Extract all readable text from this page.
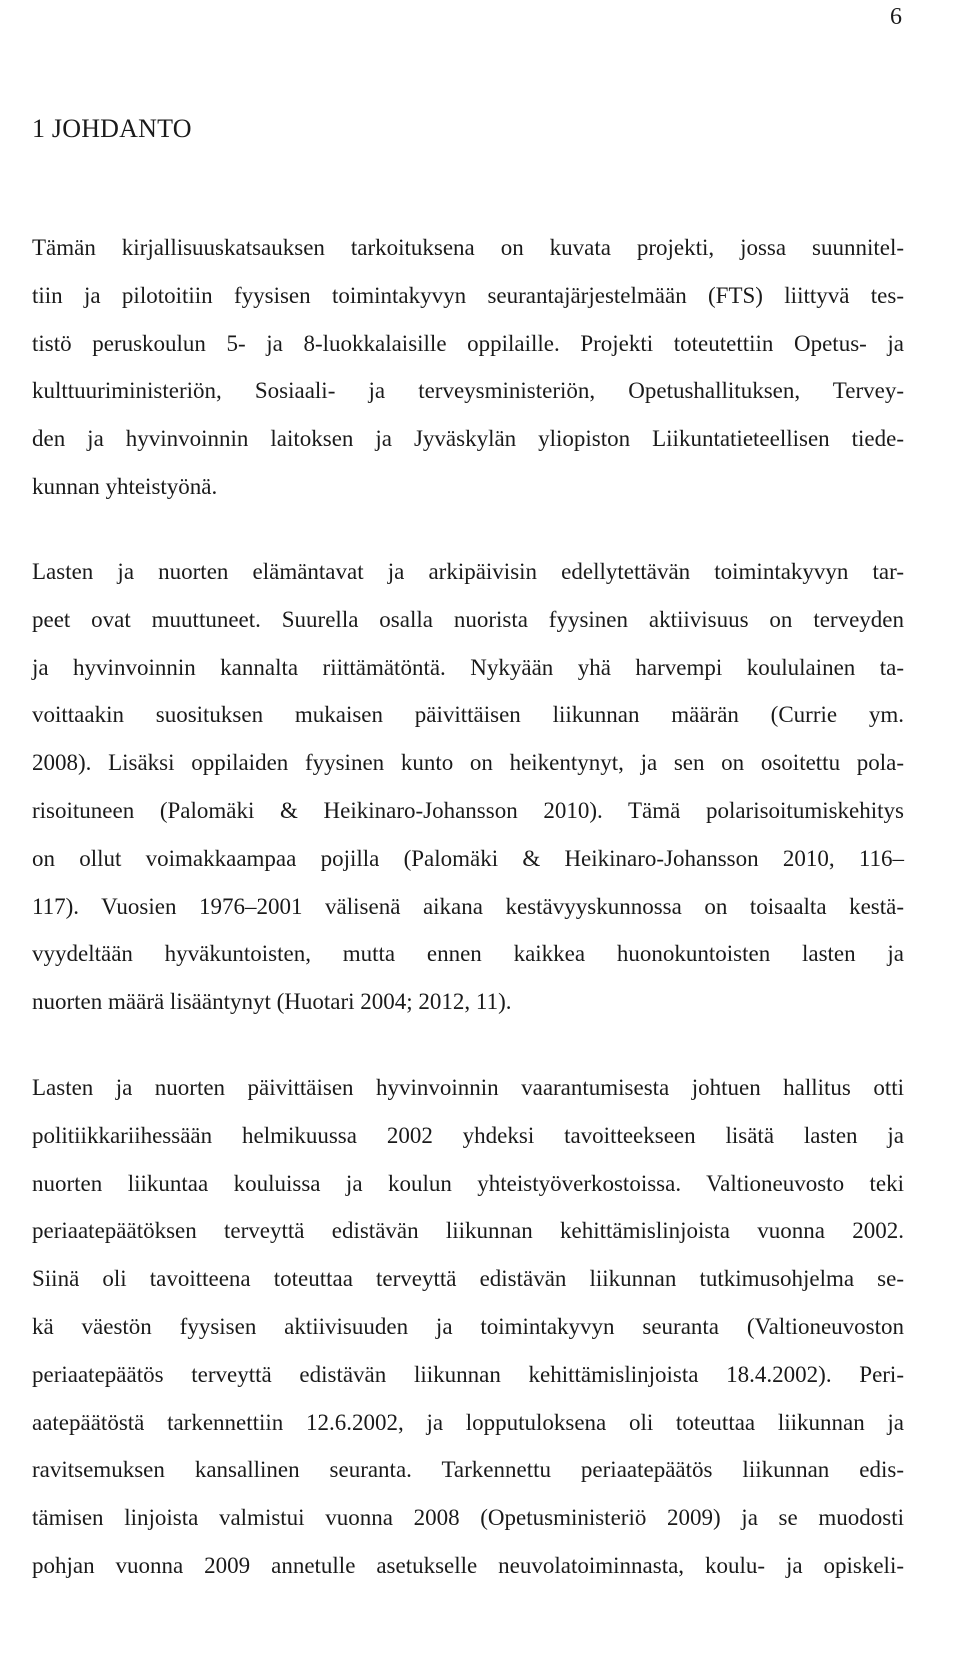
6
1 JOHDANTO
Tämän kirjallisuuskatsauksen tarkoituksena on kuvata projekti, jossa suunnitel-
tiin ja pilotoitiin fyysisen toimintakyvyn seurantajärjestelmään (FTS) liittyvä tes-
tistö peruskoulun 5- ja 8-luokkalaisille oppilaille. Projekti toteutettiin Opetus- ja
kulttuuriministeriön, Sosiaali- ja terveysministeriön, Opetushallituksen, Tervey-
den ja hyvinvoinnin laitoksen ja Jyväskylän yliopiston Liikuntatieteellisen tiede-
kunnan yhteistyönä.
Lasten ja nuorten elämäntavat ja arkipäivisin edellytettävän toimintakyvyn tar-
peet ovat muuttuneet. Suurella osalla nuorista fyysinen aktiivisuus on terveyden
ja hyvinvoinnin kannalta riittämätöntä. Nykyään yhä harvempi koululainen ta-
voittaakin suosituksen mukaisen päivittäisen liikunnan määrän (Currie ym.
2008). Lisäksi oppilaiden fyysinen kunto on heikentynyt, ja sen on osoitettu pola-
risoituneen (Palomäki & Heikinaro-Johansson 2010). Tämä polarisoitumiskehitys
on ollut voimakkaampaa pojilla (Palomäki & Heikinaro-Johansson 2010, 116–
117). Vuosien 1976–2001 välisenä aikana kestävyyskunnossa on toisaalta kestä-
vyydeltään hyväkuntoisten, mutta ennen kaikkea huonokuntoisten lasten ja
nuorten määrä lisääntynyt (Huotari 2004; 2012, 11).
Lasten ja nuorten päivittäisen hyvinvoinnin vaarantumisesta johtuen hallitus otti
politiikkariihessään helmikuussa 2002 yhdeksi tavoitteekseen lisätä lasten ja
nuorten liikuntaa kouluissa ja koulun yhteistyöverkostoissa. Valtioneuvosto teki
periaatepäätöksen terveyttä edistävän liikunnan kehittämislinjoista vuonna 2002.
Siinä oli tavoitteena toteuttaa terveyttä edistävän liikunnan tutkimusohjelma se-
kä väestön fyysisen aktiivisuuden ja toimintakyvyn seuranta (Valtioneuvoston
periaatepäätös terveyttä edistävän liikunnan kehittämislinjoista 18.4.2002). Peri-
aatepäätöstä tarkennettiin 12.6.2002, ja lopputuloksena oli toteuttaa liikunnan ja
ravitsemuksen kansallinen seuranta. Tarkennettu periaatepäätös liikunnan edis-
tämisen linjoista valmistui vuonna 2008 (Opetusministeriö 2009) ja se muodosti
pohjan vuonna 2009 annetulle asetukselle neuvolatoiminnasta, koulu- ja opiskeli-
